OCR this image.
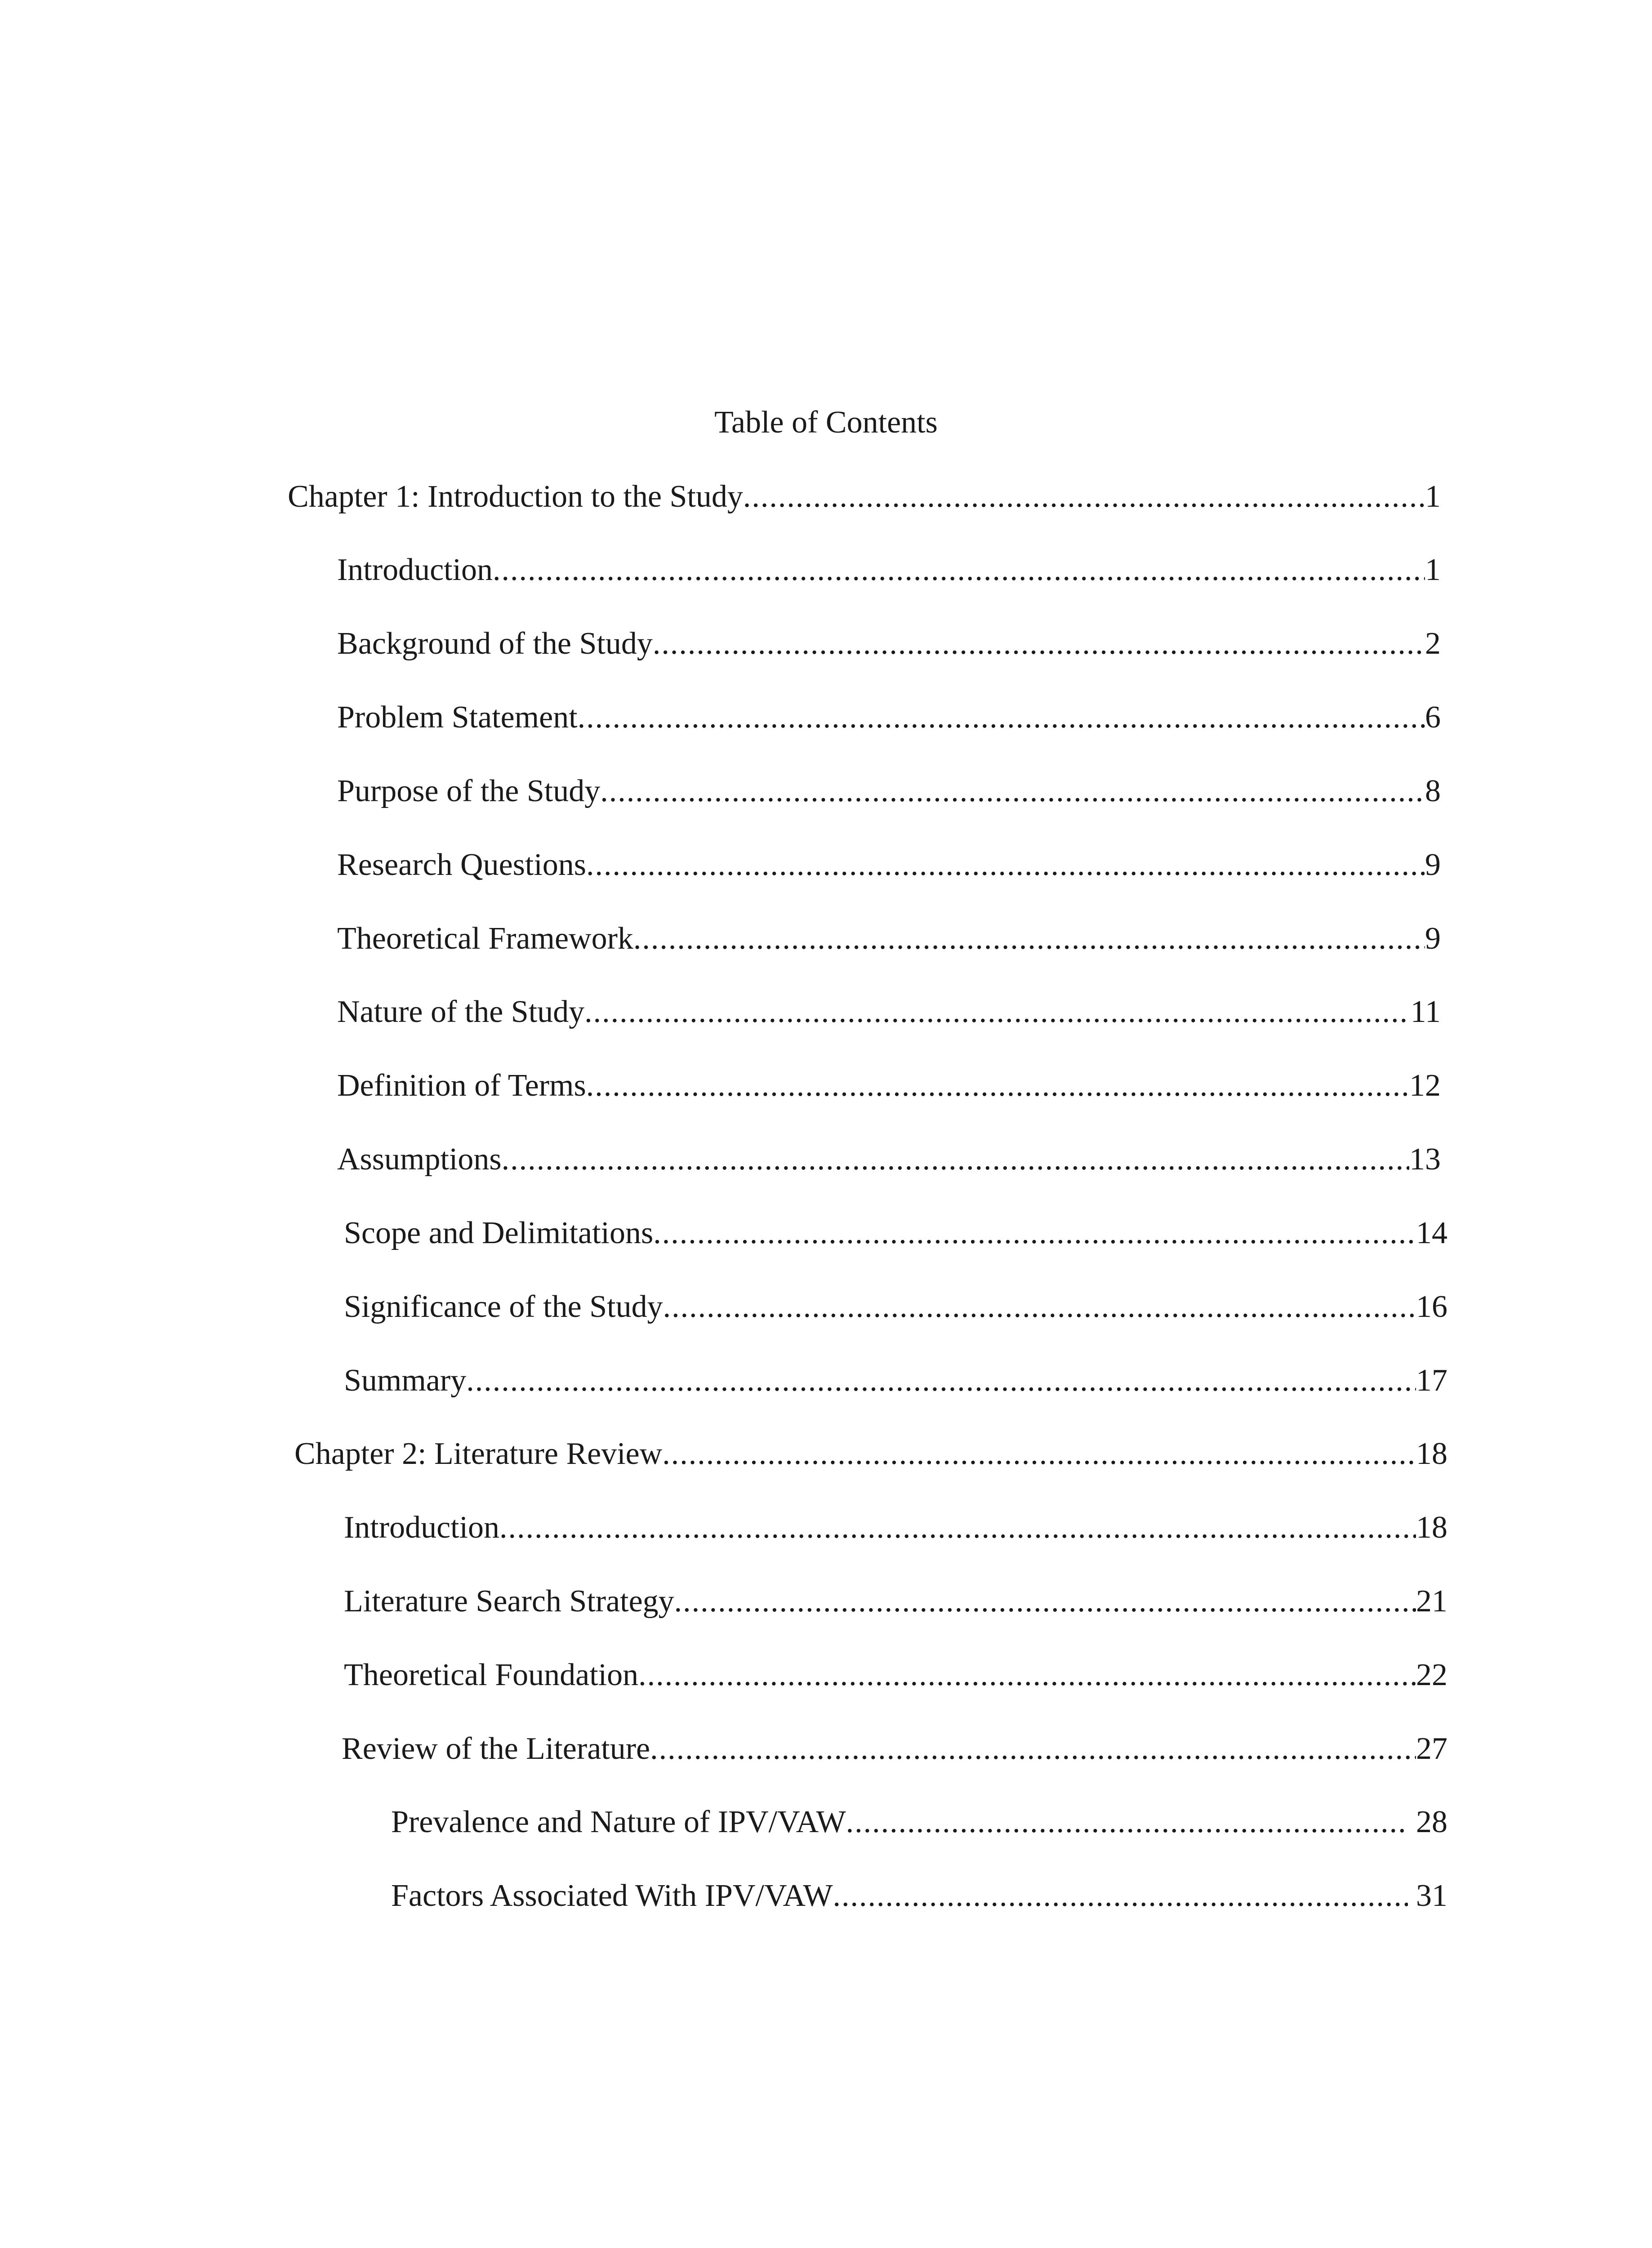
Table of Contents
Chapter 1: Introduction to the Study .....	1
Introduction .....	1
Background of the Study .....	2
Problem Statement .....	6
Purpose of the Study .....	8
Research Questions .....	9
Theoretical Framework .....	9
Nature of the Study .....	11
Definition of Terms .....	12
Assumptions .....	13
Scope and Delimitations .....	14
Significance of the Study .....	16
Summary .....	17
Chapter 2: Literature Review .....	18
Introduction .....	18
Literature Search Strategy .....	21
Theoretical Foundation .....	22
Review of the Literature .....	27
Prevalence and Nature of IPV/VAW .....	28
Factors Associated With IPV/VAW .....	31
